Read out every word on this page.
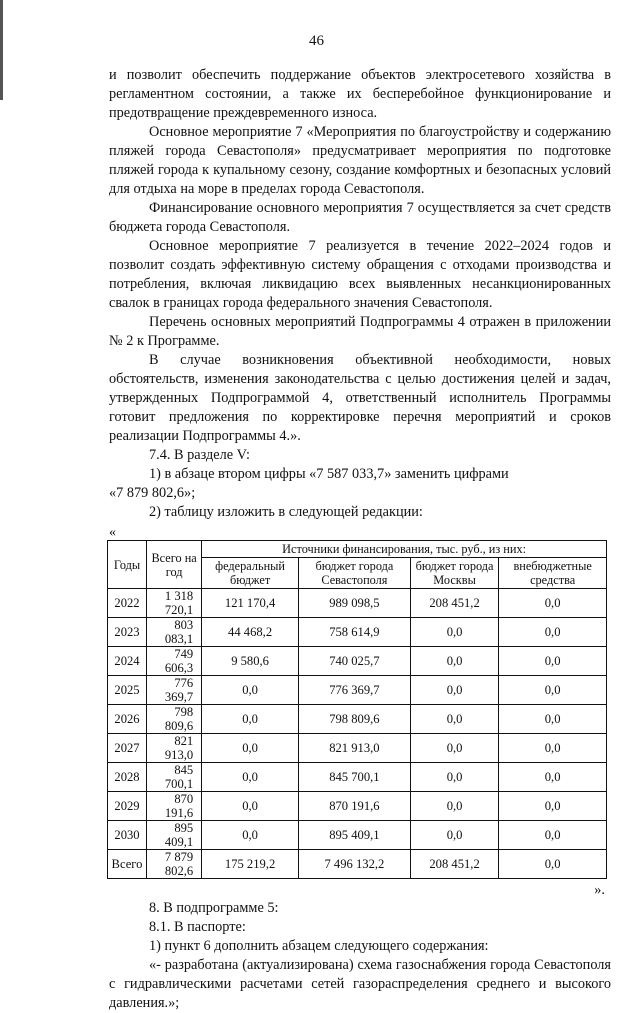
46

и позволит обеспечить поддержание объектов электросетевого хозяйства в регламентном состоянии, а также их бесперебойное функционирование и предотвращение преждевременного износа.

Основное мероприятие 7 «Мероприятия по благоустройству и содержанию пляжей города Севастополя» предусматривает мероприятия по подготовке пляжей города к купальному сезону, создание комфортных и безопасных условий для отдыха на море в пределах города Севастополя.

Финансирование основного мероприятия 7 осуществляется за счет средств бюджета города Севастополя.

Основное мероприятие 7 реализуется в течение 2022–2024 годов и позволит создать эффективную систему обращения с отходами производства и потребления, включая ликвидацию всех выявленных несанкционированных свалок в границах города федерального значения Севастополя.

Перечень основных мероприятий Подпрограммы 4 отражен в приложении № 2 к Программе.

В случае возникновения объективной необходимости, новых обстоятельств, изменения законодательства с целью достижения целей и задач, утвержденных Подпрограммой 4, ответственный исполнитель Программы готовит предложения по корректировке перечня мероприятий и сроков реализации Подпрограммы 4.».

7.4. В разделе V:

1) в абзаце втором цифры «7 587 033,7» заменить цифрами

«7 879 802,6»;

2) таблицу изложить в следующей редакции:

«

Годы	Всего на год	Источники финансирования, тыс. руб., из них:			
		федеральный бюджет	бюджет города Севастополя	бюджет города Москвы	внебюджетные средства
2022	1 318 720,1	121 170,4	989 098,5	208 451,2	0,0
2023	803 083,1	44 468,2	758 614,9	0,0	0,0
2024	749 606,3	9 580,6	740 025,7	0,0	0,0
2025	776 369,7	0,0	776 369,7	0,0	0,0
2026	798 809,6	0,0	798 809,6	0,0	0,0
2027	821 913,0	0,0	821 913,0	0,0	0,0
2028	845 700,1	0,0	845 700,1	0,0	0,0
2029	870 191,6	0,0	870 191,6	0,0	0,0
2030	895 409,1	0,0	895 409,1	0,0	0,0
Всего	7 879 802,6	175 219,2	7 496 132,2	208 451,2	0,0
».

8. В подпрограмме 5:

8.1. В паспорте:

1) пункт 6 дополнить абзацем следующего содержания:

«- разработана (актуализирована) схема газоснабжения города Севастополя с гидравлическими расчетами сетей газораспределения среднего и высокого давления.»;
